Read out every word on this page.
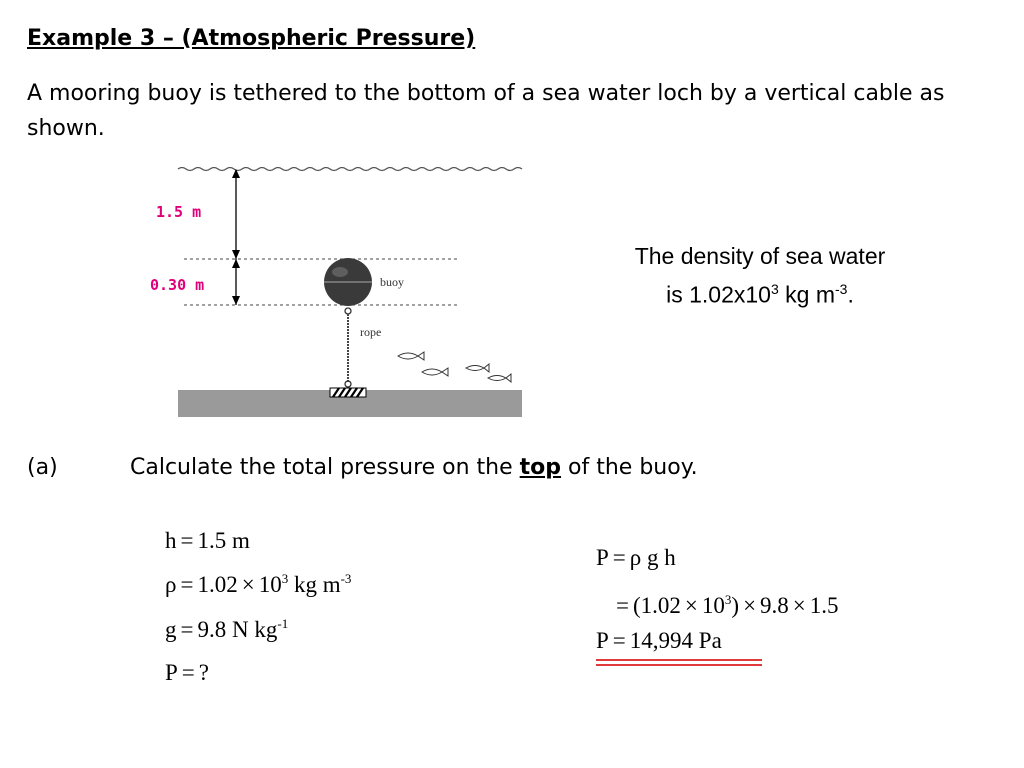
Example 3 – (Atmospheric Pressure)
A mooring buoy is tethered to the bottom of a sea water loch by a vertical cable as shown.
buoy
rope
1.5 m
0.30 m
The density of sea water
is $1.02x10^3$ kg $m^{-3}$.
(a)	Calculate the total pressure on the top of the buoy.
h = 1.5 m
$\rho = 1.02 \times 10^3$ kg $m^{-3}$
g = 9.8 N $kg^{-1}$
P = ?
P = ρ g h
= $(1.02 \times 10^3) \times 9.8 \times 1.5$
P = 14,994 Pa
